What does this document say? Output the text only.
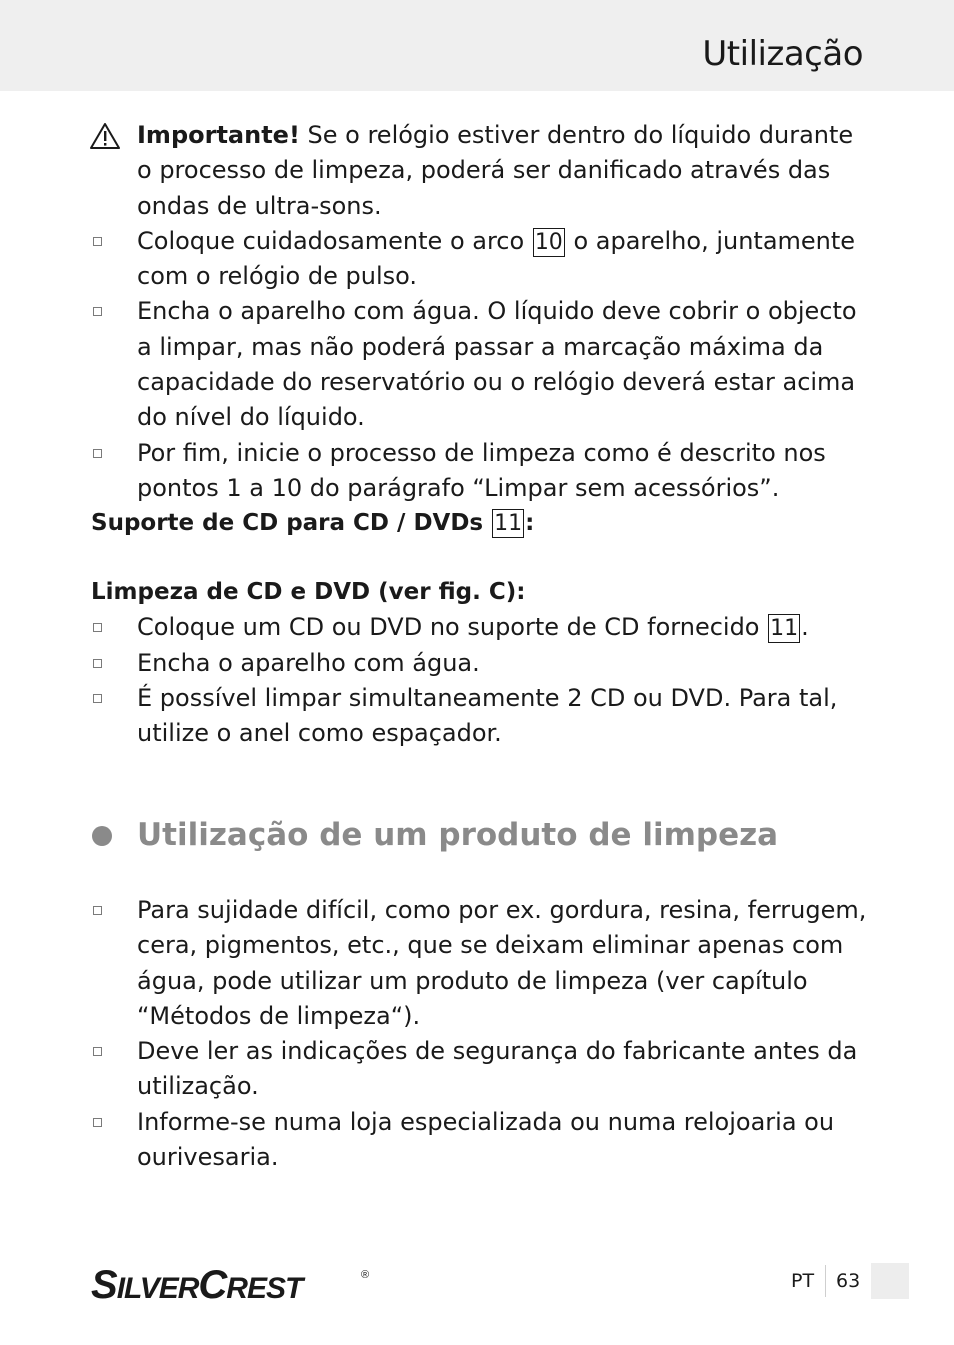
Utilização
Importante! Se o relógio estiver dentro do líquido durante o processo de limpeza, poderá ser danificado através das ondas de ultra-sons.
Coloque cuidadosamente o arco 10 o aparelho, juntamente com o relógio de pulso.
Encha o aparelho com água. O líquido deve cobrir o objecto a limpar, mas não poderá passar a marcação máxima da capacidade do reservatório ou o relógio deverá estar acima do nível do líquido.
Por fim, inicie o processo de limpeza como é descrito nos pontos 1 a 10 do parágrafo “Limpar sem acessórios”.
Suporte de CD para CD / DVDs 11 :
Limpeza de CD e DVD (ver fig. C):
Coloque um CD ou DVD no suporte de CD fornecido 11 .
Encha o aparelho com água.
É possível limpar simultaneamente 2 CD ou DVD. Para tal, utilize o anel como espaçador.
Utilização de um produto de limpeza
Para sujidade difícil, como por ex. gordura, resina, ferrugem, cera, pigmentos, etc., que se deixam eliminar apenas com água, pode utilizar um produto de limpeza (ver capítulo “Métodos de limpeza“).
Deve ler as indicações de segurança do fabricante antes da utilização.
Informe-se numa loja especializada ou numa relojoaria ou ourivesaria.
SILVERCREST	®	PT 63
